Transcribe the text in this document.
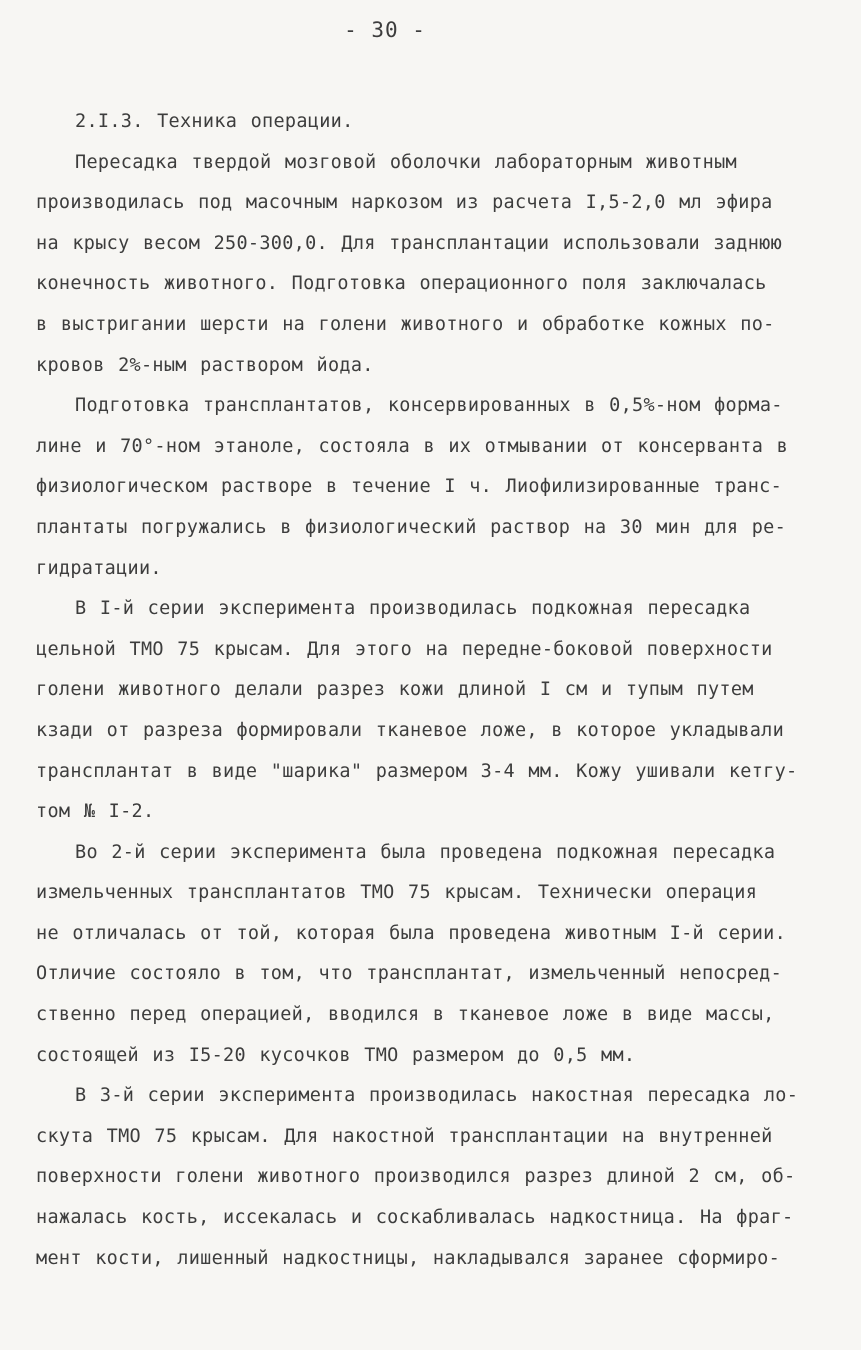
- 30 -
2.I.3. Техника операции.
Пересадка твердой мозговой оболочки лабораторным животным
производилась под масочным наркозом из расчета I,5-2,0 мл эфира
на крысу весом 250-300,0. Для трансплантации использовали заднюю
конечность животного. Подготовка операционного поля заключалась
в выстригании шерсти на голени животного и обработке кожных по-
кровов 2%-ным раствором йода.
Подготовка трансплантатов, консервированных в 0,5%-ном форма-
лине и 70°-ном этаноле, состояла в их отмывании от консерванта в
физиологическом растворе в течение I ч. Лиофилизированные транс-
плантаты погружались в физиологический раствор на 30 мин для ре-
гидратации.
В I-й серии эксперимента производилась подкожная пересадка
цельной ТМО 75 крысам. Для этого на передне-боковой поверхности
голени животного делали разрез кожи длиной I см и тупым путем
кзади от разреза формировали тканевое ложе, в которое укладывали
трансплантат в виде "шарика" размером 3-4 мм. Кожу ушивали кетгу-
том № I-2.
Во 2-й серии эксперимента была проведена подкожная пересадка
измельченных трансплантатов ТМО 75 крысам. Технически операция
не отличалась от той, которая была проведена животным I-й серии.
Отличие состояло в том, что трансплантат, измельченный непосред-
ственно перед операцией, вводился в тканевое ложе в виде массы,
состоящей из I5-20 кусочков ТМО размером до 0,5 мм.
В 3-й серии эксперимента производилась накостная пересадка ло-
скута ТМО 75 крысам. Для накостной трансплантации на внутренней
поверхности голени животного производился разрез длиной 2 см, об-
нажалась кость, иссекалась и соскабливалась надкостница. На фраг-
мент кости, лишенный надкостницы, накладывался заранее сформиро-
